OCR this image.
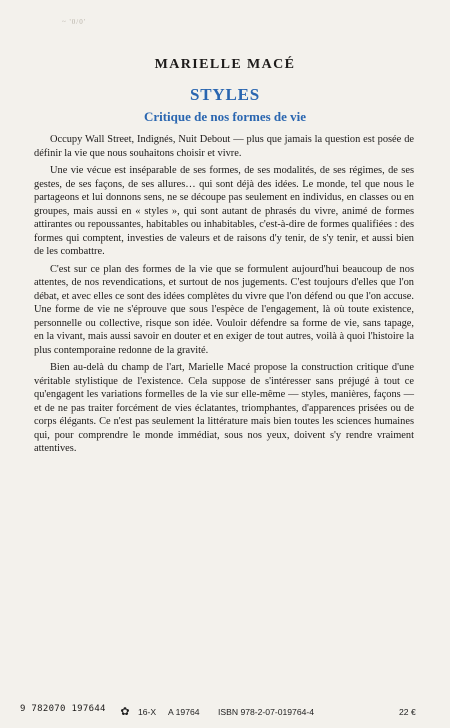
~ '0/0'
MARIELLE MACÉ
STYLES
Critique de nos formes de vie

Occupy Wall Street, Indignés, Nuit Debout — plus que jamais la question est posée de définir la vie que nous souhaitons choisir et vivre.

Une vie vécue est inséparable de ses formes, de ses modalités, de ses régimes, de ses gestes, de ses façons, de ses allures… qui sont déjà des idées. Le monde, tel que nous le partageons et lui donnons sens, ne se découpe pas seulement en individus, en classes ou en groupes, mais aussi en « styles », qui sont autant de phrasés du vivre, animé de formes attirantes ou repoussantes, habitables ou inhabitables, c'est-à-dire de formes qualifiées : des formes qui comptent, investies de valeurs et de raisons d'y tenir, de s'y tenir, et aussi bien de les combattre.

C'est sur ce plan des formes de la vie que se formulent aujourd'hui beaucoup de nos attentes, de nos revendications, et surtout de nos jugements. C'est toujours d'elles que l'on débat, et avec elles ce sont des idées complètes du vivre que l'on défend ou que l'on accuse. Une forme de vie ne s'éprouve que sous l'espèce de l'engagement, là où toute existence, personnelle ou collective, risque son idée. Vouloir défendre sa forme de vie, sans tapage, en la vivant, mais aussi savoir en douter et en exiger de tout autres, voilà à quoi l'histoire la plus contemporaine redonne de la gravité.

Bien au-delà du champ de l'art, Marielle Macé propose la construction critique d'une véritable stylistique de l'existence. Cela suppose de s'intéresser sans préjugé à tout ce qu'engagent les variations formelles de la vie sur elle-même — styles, manières, façons — et de ne pas traiter forcément de vies éclatantes, triomphantes, d'apparences prisées ou de corps élégants. Ce n'est pas seulement la littérature mais bien toutes les sciences humaines qui, pour comprendre le monde immédiat, sous nos yeux, doivent s'y rendre vraiment attentives.

9 782070 197644	✿ 16-X A 19764 ISBN 978-2-07-019764-4	22 €
